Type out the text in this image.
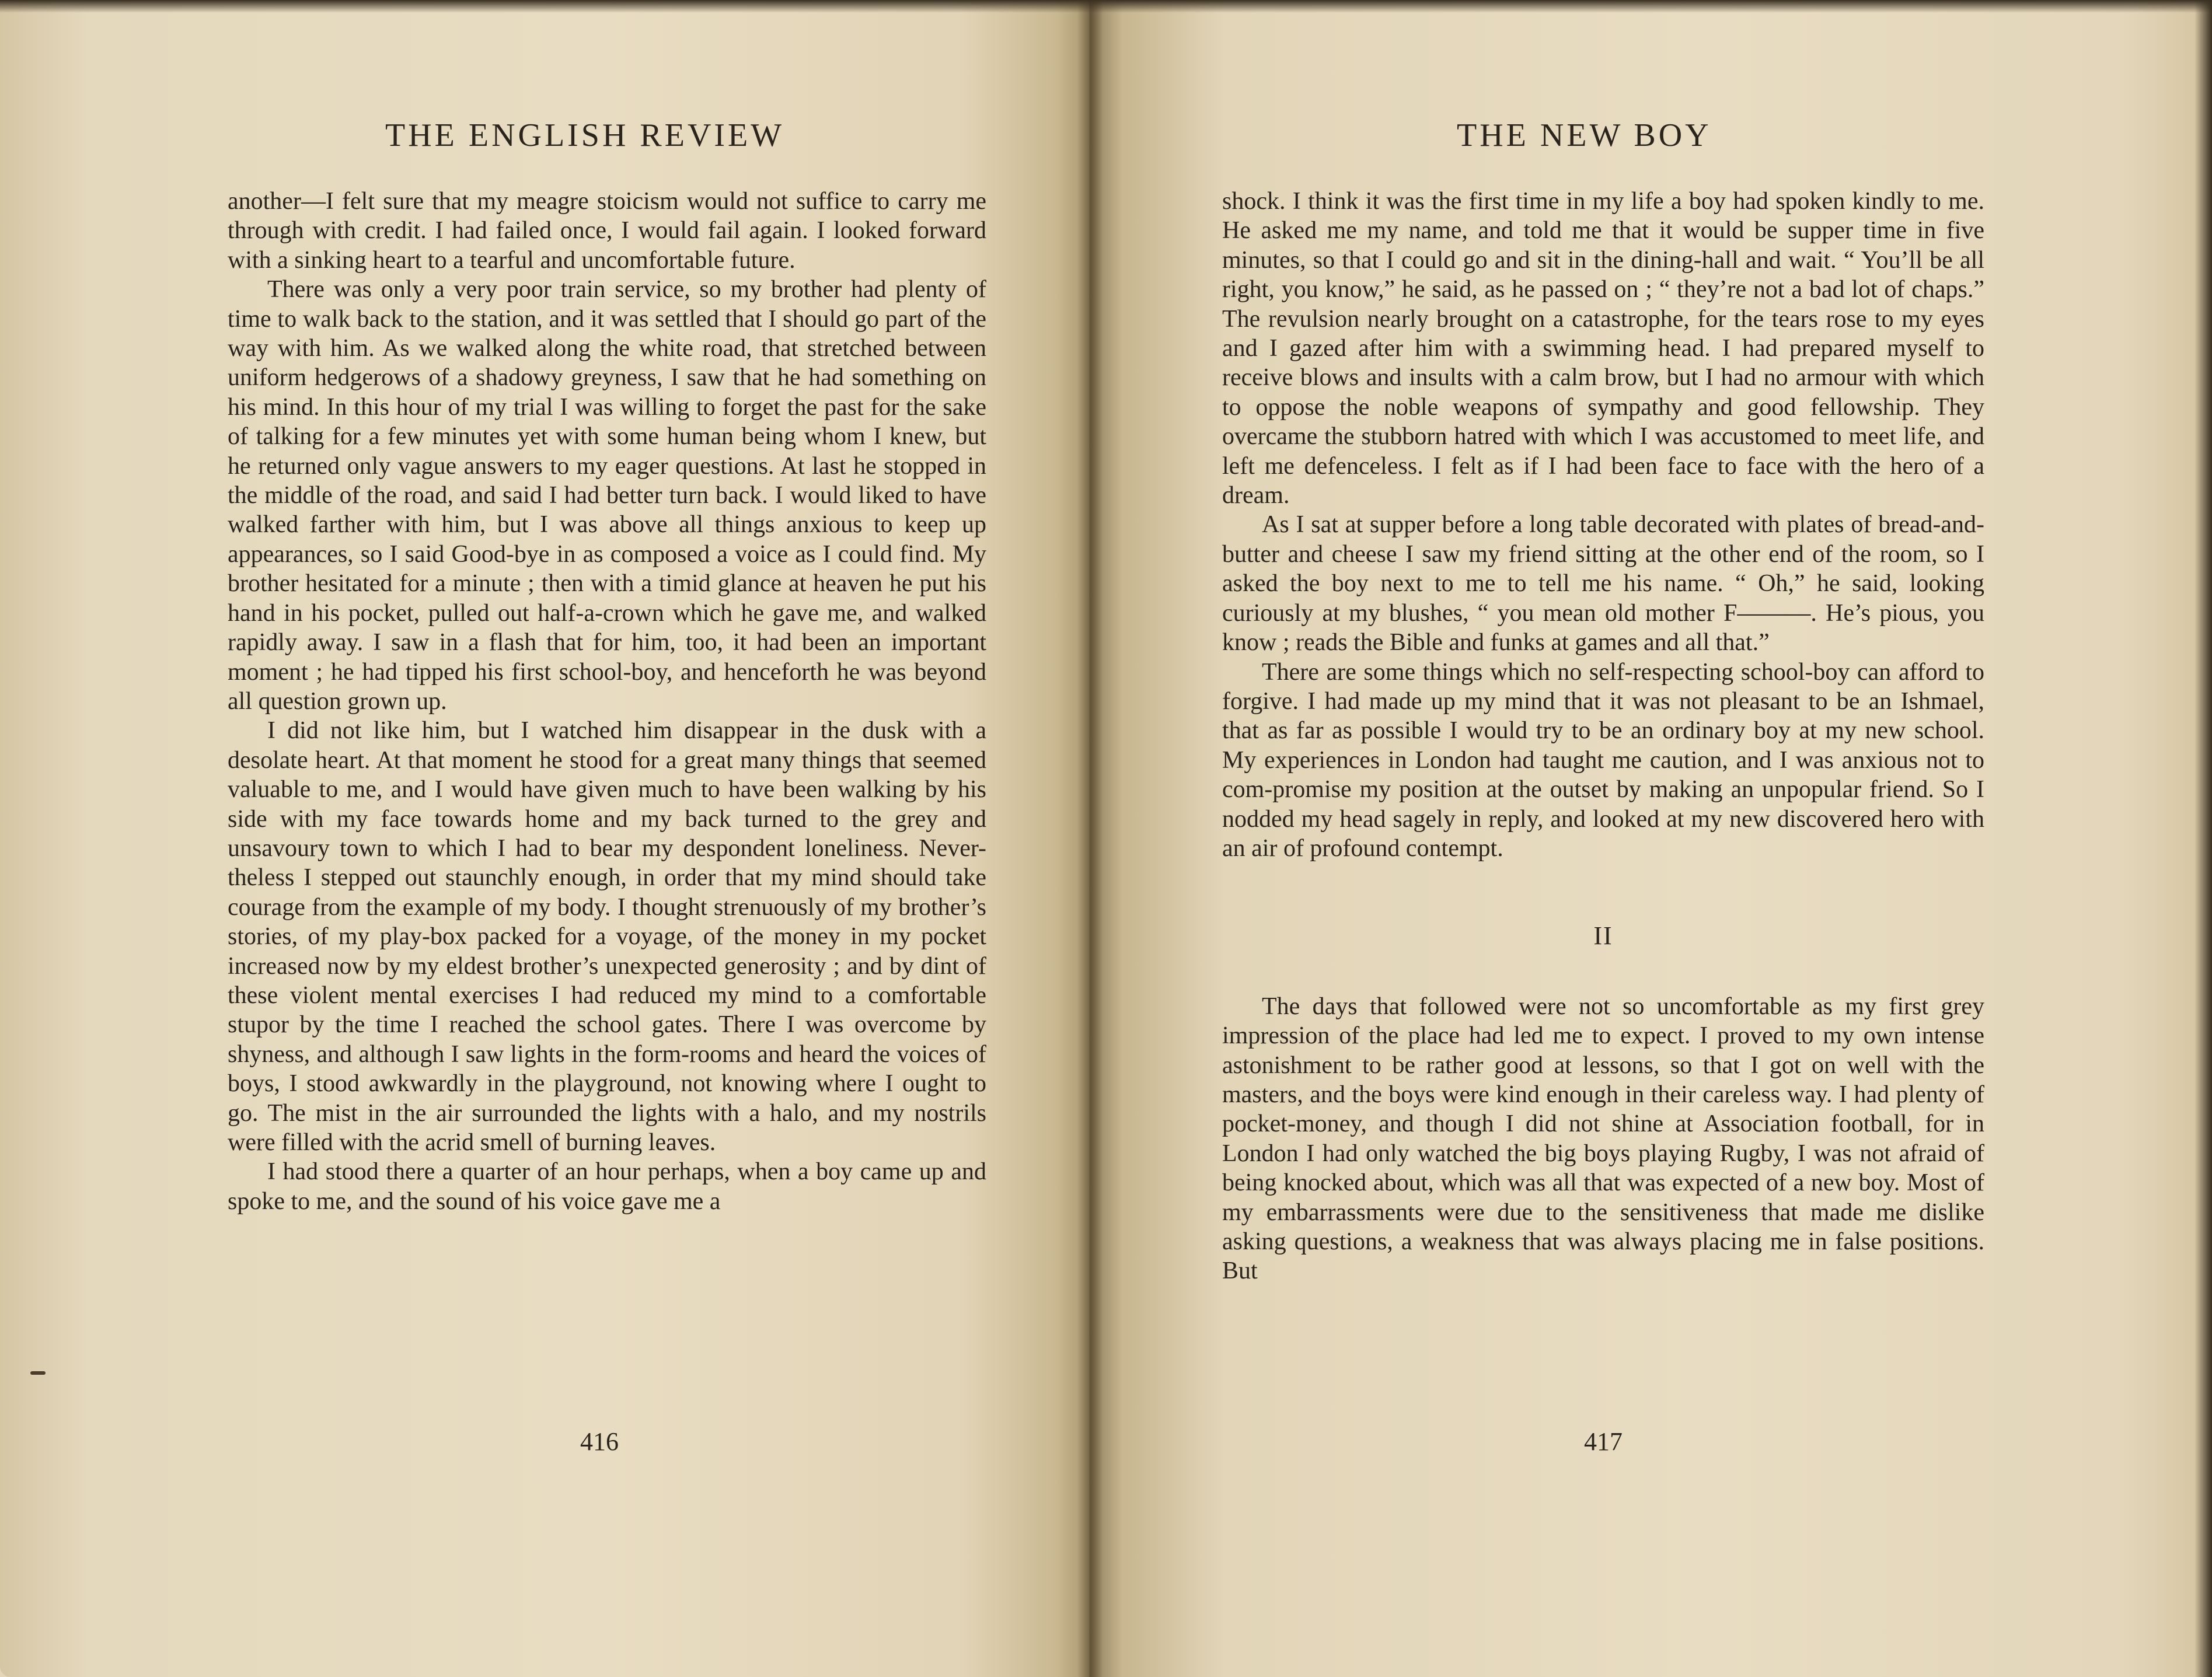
THE ENGLISH REVIEW

another—I felt sure that my meagre stoicism would not suffice to carry me through with credit. I had failed once, I would fail again. I looked forward with a sinking heart to a tearful and uncomfortable future.

There was only a very poor train service, so my brother had plenty of time to walk back to the station, and it was settled that I should go part of the way with him. As we walked along the white road, that stretched between uniform hedgerows of a shadowy greyness, I saw that he had something on his mind. In this hour of my trial I was willing to forget the past for the sake of talking for a few minutes yet with some human being whom I knew, but he returned only vague answers to my eager questions. At last he stopped in the middle of the road, and said I had better turn back. I would liked to have walked farther with him, but I was above all things anxious to keep up appearances, so I said Good-bye in as composed a voice as I could find. My brother hesitated for a minute ; then with a timid glance at heaven he put his hand in his pocket, pulled out half-a-crown which he gave me, and walked rapidly away. I saw in a flash that for him, too, it had been an important moment ; he had tipped his first school-boy, and henceforth he was beyond all question grown up.

I did not like him, but I watched him disappear in the dusk with a desolate heart. At that moment he stood for a great many things that seemed valuable to me, and I would have given much to have been walking by his side with my face towards home and my back turned to the grey and unsavoury town to which I had to bear my despondent loneliness. Never-theless I stepped out staunchly enough, in order that my mind should take courage from the example of my body. I thought strenuously of my brother’s stories, of my play-box packed for a voyage, of the money in my pocket increased now by my eldest brother’s unexpected generosity ; and by dint of these violent mental exercises I had reduced my mind to a comfortable stupor by the time I reached the school gates. There I was overcome by shyness, and although I saw lights in the form-rooms and heard the voices of boys, I stood awkwardly in the playground, not knowing where I ought to go. The mist in the air surrounded the lights with a halo, and my nostrils were filled with the acrid smell of burning leaves.

I had stood there a quarter of an hour perhaps, when a boy came up and spoke to me, and the sound of his voice gave me a

416
THE NEW BOY

shock. I think it was the first time in my life a boy had spoken kindly to me. He asked me my name, and told me that it would be supper time in five minutes, so that I could go and sit in the dining-hall and wait. “ You’ll be all right, you know,” he said, as he passed on ; “ they’re not a bad lot of chaps.” The revulsion nearly brought on a catastrophe, for the tears rose to my eyes and I gazed after him with a swimming head. I had prepared myself to receive blows and insults with a calm brow, but I had no armour with which to oppose the noble weapons of sympathy and good fellowship. They overcame the stubborn hatred with which I was accustomed to meet life, and left me defenceless. I felt as if I had been face to face with the hero of a dream.

As I sat at supper before a long table decorated with plates of bread-and-butter and cheese I saw my friend sitting at the other end of the room, so I asked the boy next to me to tell me his name. “ Oh,” he said, looking curiously at my blushes, “ you mean old mother F———. He’s pious, you know ; reads the Bible and funks at games and all that.”

There are some things which no self-respecting school-boy can afford to forgive. I had made up my mind that it was not pleasant to be an Ishmael, that as far as possible I would try to be an ordinary boy at my new school. My experiences in London had taught me caution, and I was anxious not to com-promise my position at the outset by making an unpopular friend. So I nodded my head sagely in reply, and looked at my new discovered hero with an air of profound contempt.

II

The days that followed were not so uncomfortable as my first grey impression of the place had led me to expect. I proved to my own intense astonishment to be rather good at lessons, so that I got on well with the masters, and the boys were kind enough in their careless way. I had plenty of pocket-money, and though I did not shine at Association football, for in London I had only watched the big boys playing Rugby, I was not afraid of being knocked about, which was all that was expected of a new boy. Most of my embarrassments were due to the sensitiveness that made me dislike asking questions, a weakness that was always placing me in false positions. But

417
